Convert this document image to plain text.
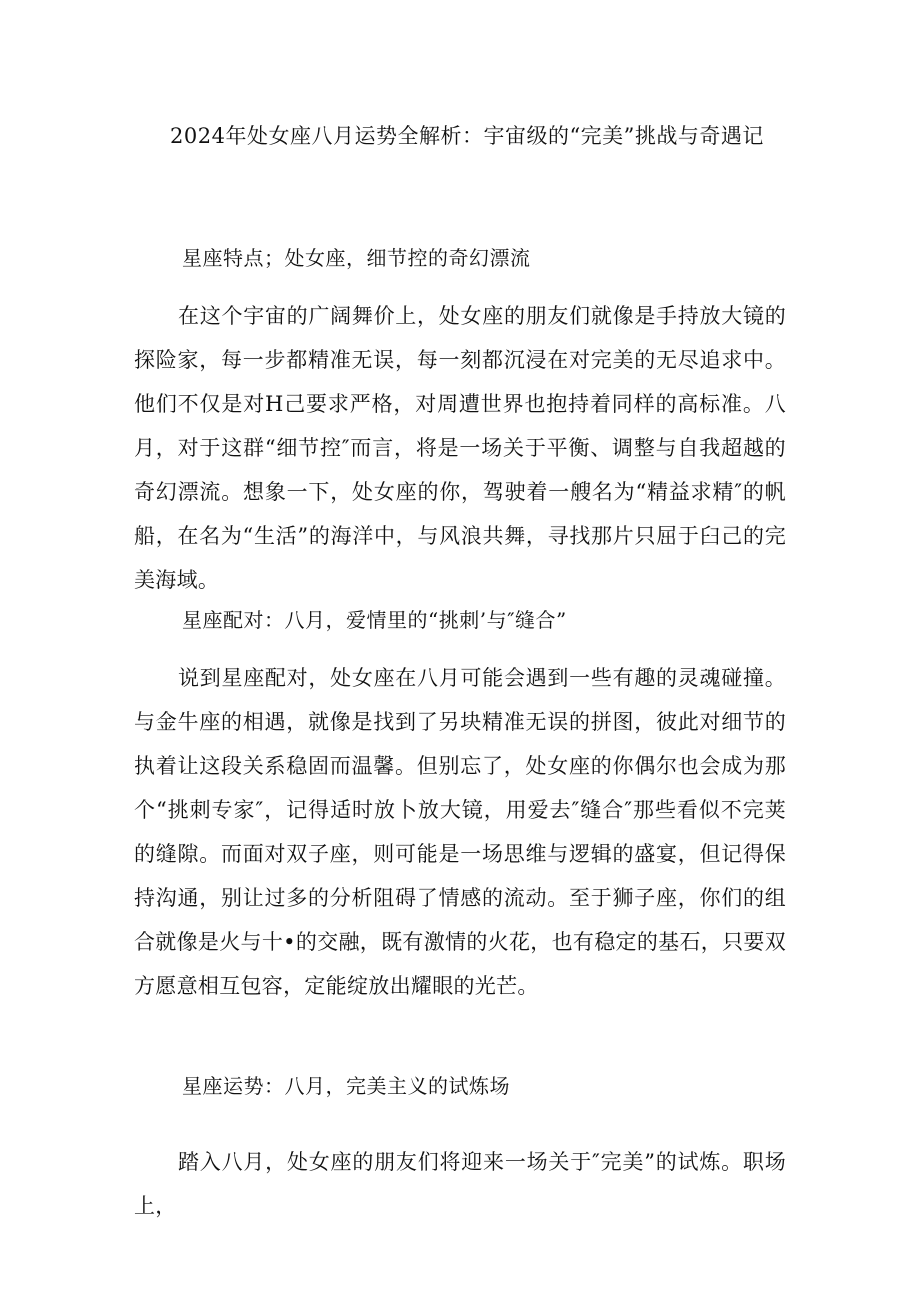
2024年处女座八月运势全解析：宇宙级的“完美”挑战与奇遇记
星座特点；处女座，细节控的奇幻漂流

在这个宇宙的广阔舞价上，处女座的朋友们就像是手持放大镜的探险家，每一步都精准无误，每一刻都沉浸在对完美的无尽追求中。他们不仅是对H己要求严格，对周遭世界也抱持着同样的高标准。八月，对于这群“细节控″而言，将是一场关于平衡、调整与自我超越的奇幻漂流。想象一下，处女座的你，驾驶着一艘名为“精益求精″的帆船，在名为“生活”的海洋中，与风浪共舞，寻找那片只屈于臼己的完美海域。

星座配对：八月，爱情里的“挑刺’与″缝合”

说到星座配对，处女座在八月可能会遇到一些有趣的灵魂碰撞。与金牛座的相遇，就像是找到了另块精准无误的拼图，彼此对细节的执着让这段关系稳固而温馨。但别忘了，处女座的你偶尔也会成为那个“挑刺专家″，记得适时放卜放大镜，用爱去″缝合″那些看似不完荚的缝隙。而面对双子座，则可能是一场思维与逻辑的盛宴，但记得保持沟通，别让过多的分析阻碍了情感的流动。至于狮子座，你们的组合就像是火与十•的交融，既有激情的火花，也有稳定的基石，只要双方愿意相互包容，定能绽放出耀眼的光芒。

星座运势：八月，完美主义的试炼场

踏入八月，处女座的朋友们将迎来一场关于″完美”的试炼。职场上，
